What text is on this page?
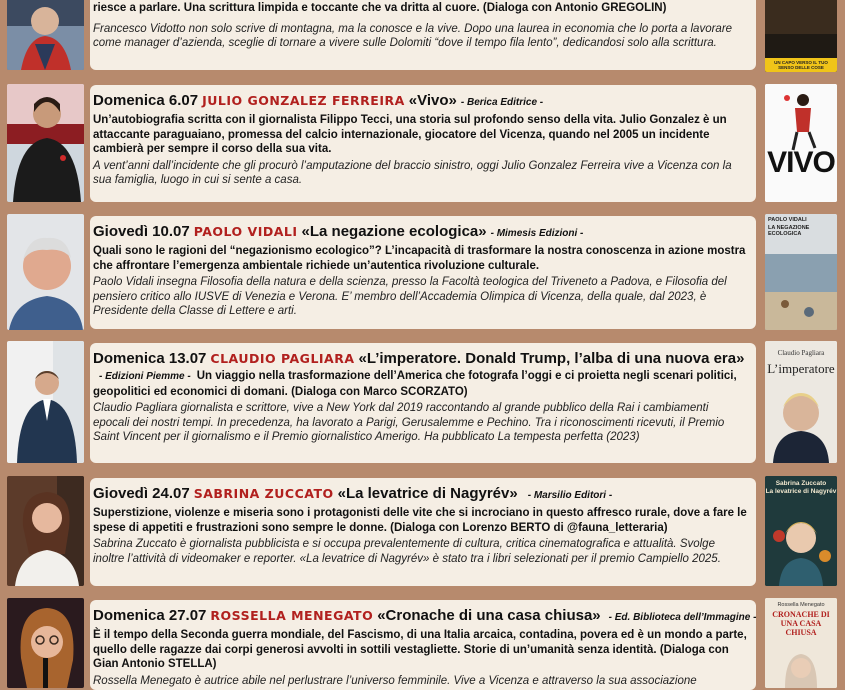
riesce a parlare. Una scrittura limpida e toccante che va dritta al cuore. (Dialoga con Antonio GREGOLIN)
Francesco Vidotto non solo scrive di montagna, ma la conosce e la vive. Dopo una laurea in economia che lo porta a lavorare come manager d’azienda, sceglie di tornare a vivere sulle Dolomiti “dove il tempo fila lento”, dedicandosi solo alla scrittura.
UN CAPO VERSO IL TUO SENSO DELLE COSE
Domenica 6.07 JULIO GONZALEZ FERREIRA «Vivo» - Berica Editrice -
Un’autobiografia scritta con il giornalista Filippo Tecci, una storia sul profondo senso della vita. Julio Gonzalez è un attaccante paraguaiano, promessa del calcio internazionale, giocatore del Vicenza, quando nel 2005 un incidente cambierà per sempre il corso della sua vita.
A vent’anni dall’incidente che gli procurò l’amputazione del braccio sinistro, oggi Julio Gonzalez Ferreira vive a Vicenza con la sua famiglia, luogo in cui si sente a casa.
VIVO
Giovedì 10.07 PAOLO VIDALI «La negazione ecologica» - Mimesis Edizioni -
Quali sono le ragioni del “negazionismo ecologico”? L’incapacità di trasformare la nostra conoscenza in azione mostra che affrontare l’emergenza ambientale richiede un’autentica rivoluzione culturale.
Paolo Vidali insegna Filosofia della natura e della scienza, presso la Facoltà teologica del Triveneto a Padova, e Filosofia del pensiero critico allo IUSVE di Venezia e Verona. E’ membro dell’Accademia Olimpica di Vicenza, della quale, dal 2023, è Presidente della Classe di Lettere e arti.
PAOLO VIDALI
LA NEGAZIONE ECOLOGICA
Domenica 13.07 CLAUDIO PAGLIARA «L’imperatore. Donald Trump, l’alba di una nuova era»
- Edizioni Piemme - Un viaggio nella trasformazione dell’America che fotografa l’oggi e ci proietta negli scenari politici, geopolitici ed economici di domani. (Dialoga con Marco SCORZATO)
Claudio Pagliara giornalista e scrittore, vive a New York dal 2019 raccontando al grande pubblico della Rai i cambiamenti epocali dei nostri tempi. In precedenza, ha lavorato a Parigi, Gerusalemme e Pechino. Tra i riconoscimenti ricevuti, il Premio Saint Vincent per il giornalismo e il Premio giornalistico Amerigo. Ha pubblicato La tempesta perfetta (2023)
Claudio Pagliara
L’imperatore
Giovedì 24.07 SABRINA ZUCCATO «La levatrice di Nagyrév» - Marsilio Editori -
Superstizione, violenze e miseria sono i protagonisti delle vite che si incrociano in questo affresco rurale, dove a fare le spese di appetiti e frustrazioni sono sempre le donne. (Dialoga con Lorenzo BERTO di @fauna_letteraria)
Sabrina Zuccato è giornalista pubblicista e si occupa prevalentemente di cultura, critica cinematografica e attualità. Svolge inoltre l’attività di videomaker e reporter. «La levatrice di Nagyrév» è stato tra i libri selezionati per il premio Campiello 2025.
Sabrina Zuccato
La levatrice di Nagyrév
Domenica 27.07 ROSSELLA MENEGATO «Cronache di una casa chiusa» - Ed. Biblioteca dell’Immagine -
È il tempo della Seconda guerra mondiale, del Fascismo, di una Italia arcaica, contadina, povera ed è un mondo a parte, quello delle ragazze dai corpi generosi avvolti in sottili vestagliette. Storie di un’umanità senza identità. (Dialoga con Gian Antonio STELLA)
Rossella Menegato è autrice abile nel perlustrare l’universo femminile. Vive a Vicenza e attraverso la sua associazione
Rossella Menegato
CRONACHE DI UNA CASA CHIUSA
